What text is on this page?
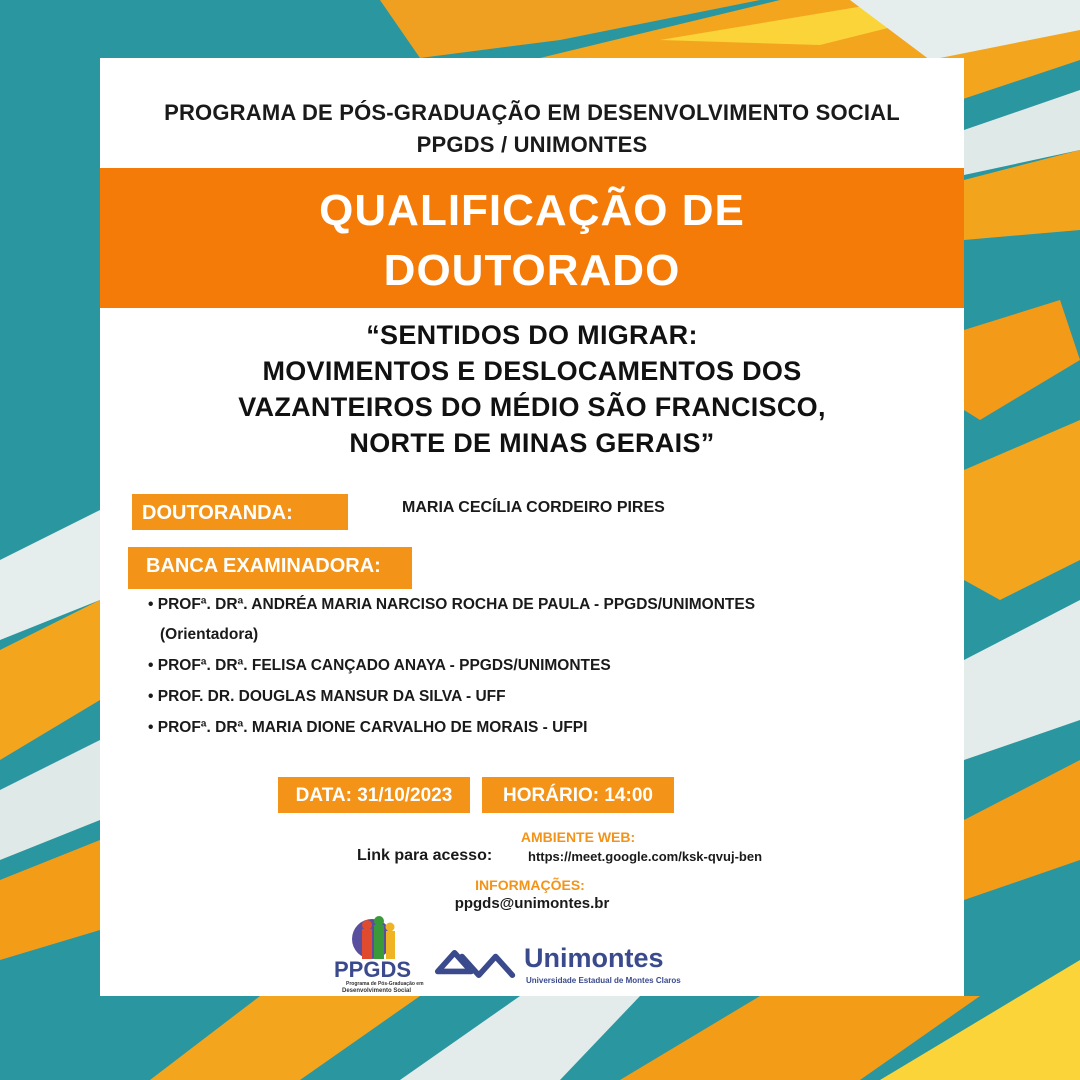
PROGRAMA DE PÓS-GRADUAÇÃO EM DESENVOLVIMENTO SOCIAL
PPGDS / UNIMONTES
“SENTIDOS DO MIGRAR:
MOVIMENTOS E DESLOCAMENTOS DOS
VAZANTEIROS DO MÉDIO SÃO FRANCISCO,
NORTE DE MINAS GERAIS”
DOUTORANDA:	MARIA CECÍLIA CORDEIRO PIRES
BANCA EXAMINADORA:
• PROFª. DRª. ANDRÉA MARIA NARCISO ROCHA DE PAULA - PPGDS/UNIMONTES
(Orientadora)
• PROFª. DRª. FELISA CANÇADO ANAYA - PPGDS/UNIMONTES
• PROF. DR. DOUGLAS MANSUR DA SILVA - UFF
• PROFª. DRª. MARIA DIONE CARVALHO DE MORAIS - UFPI
DATA: 31/10/2023	HORÁRIO: 14:00
AMBIENTE WEB:
Link para acesso:	https://meet.google.com/ksk-qvuj-ben
INFORMAÇÕES:
ppgds@unimontes.br
PPGDS
Programa de Pós-Graduação em
Desenvolvimento Social
Unimontes
Universidade Estadual de Montes Claros
QUALIFICAÇÃO DE
DOUTORADO
